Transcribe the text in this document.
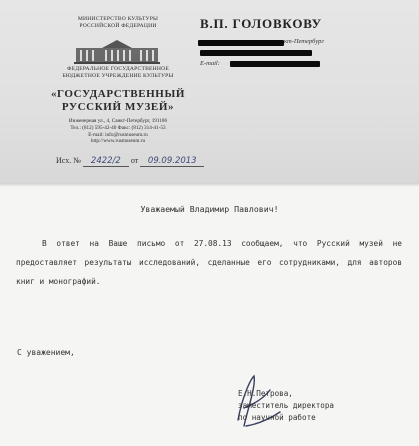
МИНИСТЕРСТВО КУЛЬТУРЫ
РОССИЙСКОЙ ФЕДЕРАЦИИ
ФЕДЕРАЛЬНОЕ ГОСУДАРСТВЕННОЕ
БЮДЖЕТНОЕ УЧРЕЖДЕНИЕ КУЛЬТУРЫ
«ГОСУДАРСТВЕННЫЙ
РУССКИЙ МУЗЕЙ»
Инженерная ул., 4, Санкт-Петербург, 191186
Тел.: (812) 595-42-40 Факс: (812) 314-41-53
E-mail: info@rusmuseum.ru
http://www.rusmuseum.ru
Исх. № 2422/2 от 09.09.2013
В.П. ГОЛОВКОВУ
кт-Петербург
E-mail:
Уважаемый Владимир Павлович!
В ответ на Ваше письмо от 27.08.13 сообщаем, что Русский музей не предоставляет результаты исследований, сделанные его сотрудниками, для авторов книг и монографий.
С уважением,
Е.Н.Петрова,
заместитель директора
по научной работе
